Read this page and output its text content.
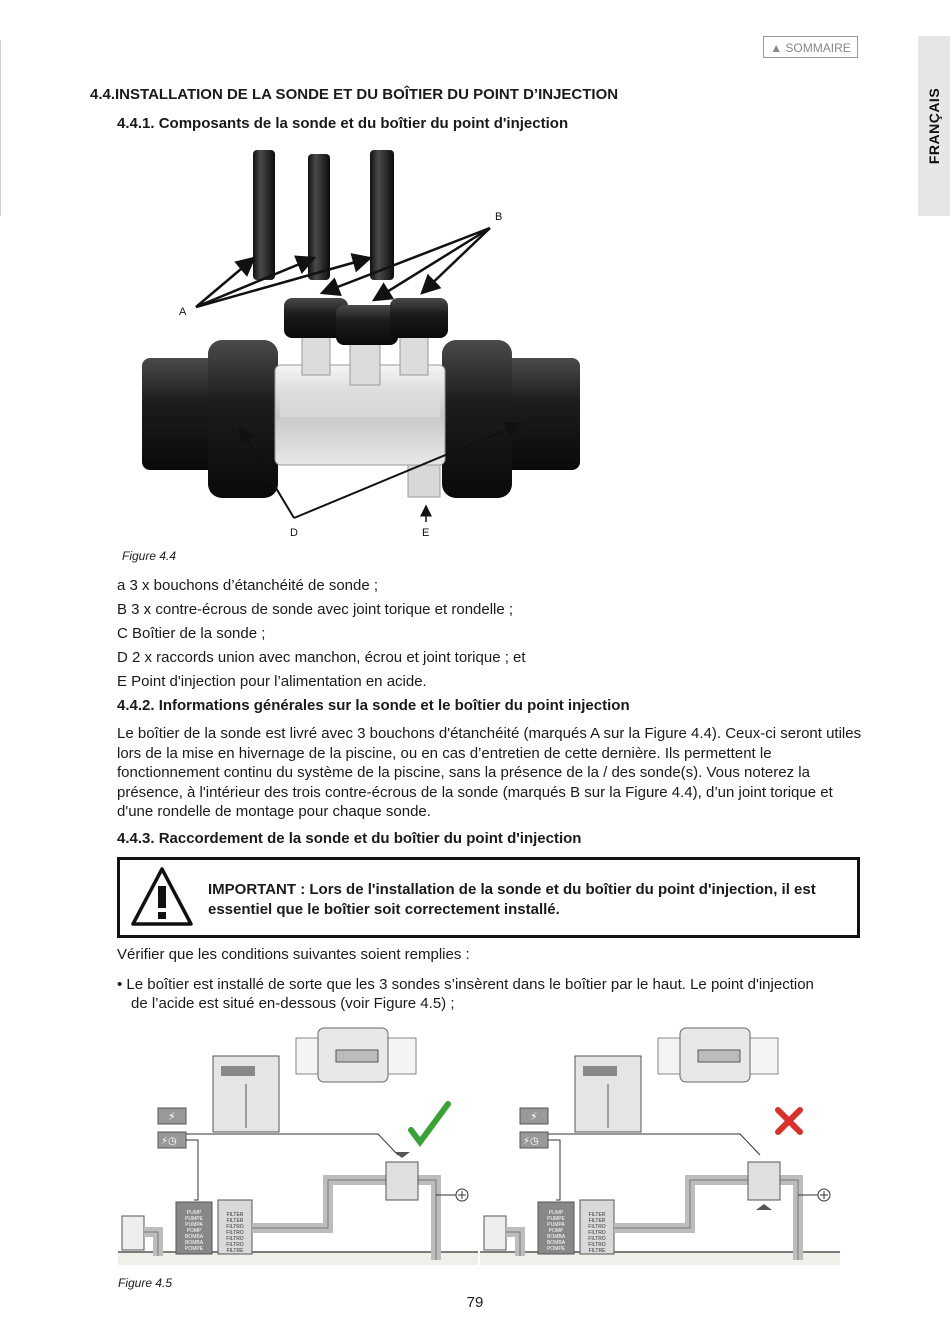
▲ SOMMAIRE
FRANÇAIS
4.4.INSTALLATION DE LA SONDE ET DU BOÎTIER DU POINT D’INJECTION
4.4.1. Composants de la sonde et du boîtier du point d'injection
A
B
D	E
Figure 4.4
a 3 x bouchons d’étanchéité de sonde ;
B 3 x contre-écrous de sonde avec joint torique et rondelle ;
C Boîtier de la sonde ;
D 2 x raccords union avec manchon, écrou et joint torique ; et
E Point d'injection pour l’alimentation en acide.
4.4.2. Informations générales sur la sonde et le boîtier du point injection

Le boîtier de la sonde est livré avec 3 bouchons d'étanchéité (marqués A sur la Figure 4.4). Ceux-ci seront utiles lors de la mise en hivernage de la piscine, ou en cas d’entretien de cette dernière. Ils permettent le fonctionnement continu du système de la piscine, sans la présence de la / des sonde(s). Vous noterez la présence, à l'intérieur des trois contre-écrous de la sonde (marqués B sur la Figure 4.4), d’un joint torique et d'une rondelle de montage pour chaque sonde.

4.4.3. Raccordement de la sonde et du boîtier du point d'injection
IMPORTANT : Lors de l'installation de la sonde et du boîtier du point d'injection, il est essentiel que le boîtier soit correctement installé.
Vérifier que les conditions suivantes soient remplies :
• Le boîtier est installé de sorte que les 3 sondes s’insèrent dans le boîtier par le haut. Le point d'injection
de l’acide est situé en-dessous (voir Figure 4.5) ;
⚡
⚡◷
PUMP
PUMPE
PUMPA
POMP
BOMBA
BOMBA
POMPE
FILTER
FILTER
FILTRO
FILTRO
FILTRO
FILTRO
FILTRE
⚡
⚡◷
PUMP
PUMPE
PUMPA
POMP
BOMBA
BOMBA
POMPE
FILTER
FILTER
FILTRO
FILTRO
FILTRO
FILTRO
FILTRE
Figure 4.5
79
